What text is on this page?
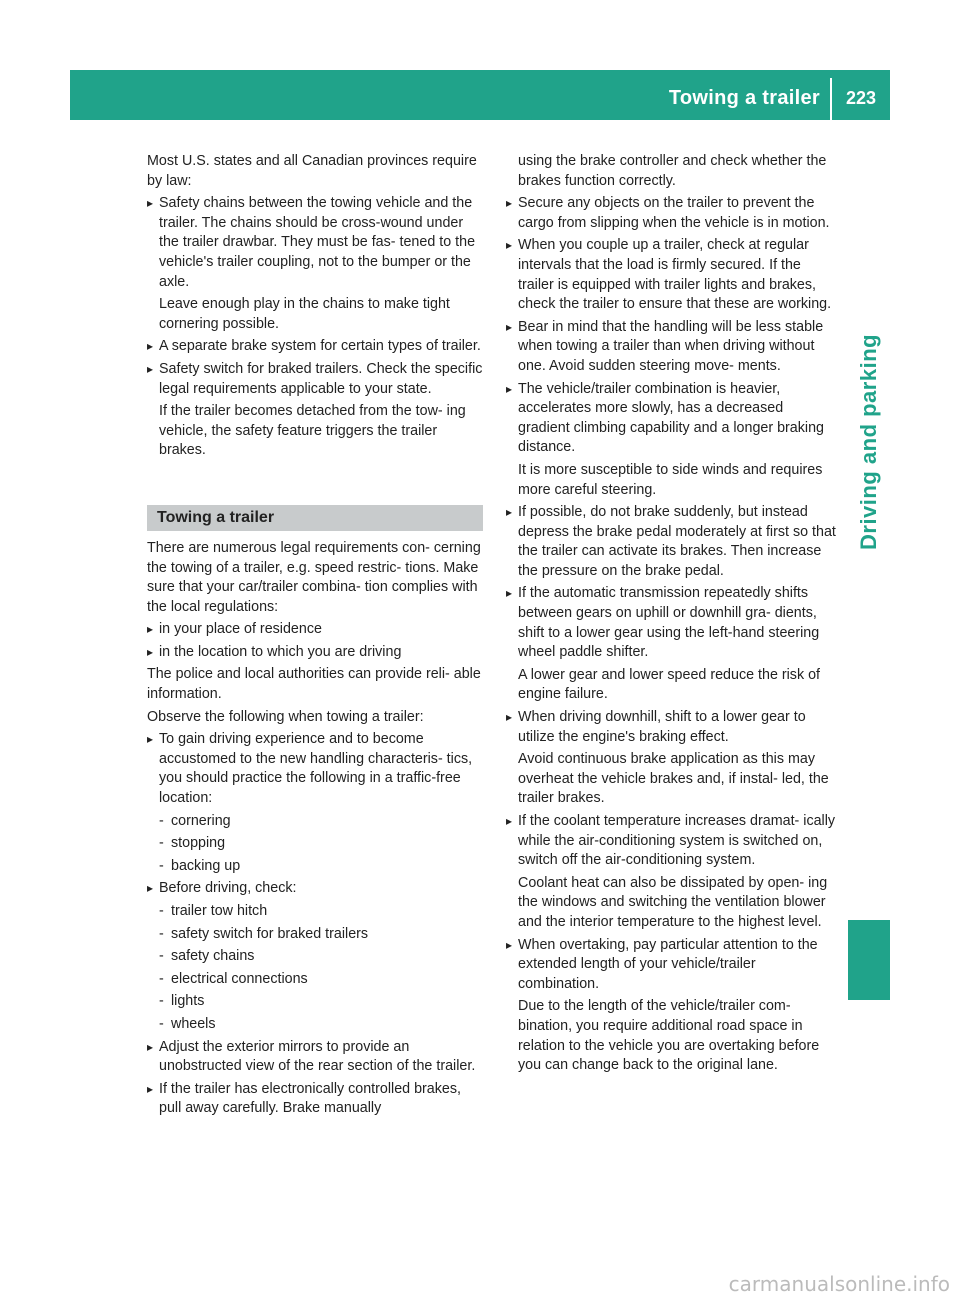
Towing a trailer	223
Driving and parking

Most U.S. states and all Canadian provinces require by law:

▸ Safety chains between the towing vehicle and the trailer. The chains should be cross-wound under the trailer drawbar. They must be fas- tened to the vehicle's trailer coupling, not to the bumper or the axle.
Leave enough play in the chains to make tight cornering possible.
▸ A separate brake system for certain types of trailer.
▸ Safety switch for braked trailers. Check the specific legal requirements applicable to your state.
If the trailer becomes detached from the tow- ing vehicle, the safety feature triggers the trailer brakes.
Towing a trailer

There are numerous legal requirements con- cerning the towing of a trailer, e.g. speed restric- tions. Make sure that your car/trailer combina- tion complies with the local regulations:

▸ in your place of residence
▸ in the location to which you are driving

The police and local authorities can provide reli- able information.

Observe the following when towing a trailer:

▸ To gain driving experience and to become accustomed to the new handling characteris- tics, you should practice the following in a traffic-free location:
- cornering
- stopping
- backing up
▸ Before driving, check:
- trailer tow hitch
- safety switch for braked trailers
- safety chains
- electrical connections
- lights
- wheels
▸ Adjust the exterior mirrors to provide an unobstructed view of the rear section of the trailer.
▸ If the trailer has electronically controlled brakes, pull away carefully. Brake manually
using the brake controller and check whether the brakes function correctly.
▸ Secure any objects on the trailer to prevent the cargo from slipping when the vehicle is in motion.
▸ When you couple up a trailer, check at regular intervals that the load is firmly secured. If the trailer is equipped with trailer lights and brakes, check the trailer to ensure that these are working.
▸ Bear in mind that the handling will be less stable when towing a trailer than when driving without one. Avoid sudden steering move- ments.
▸ The vehicle/trailer combination is heavier, accelerates more slowly, has a decreased gradient climbing capability and a longer braking distance.
It is more susceptible to side winds and requires more careful steering.
▸ If possible, do not brake suddenly, but instead depress the brake pedal moderately at first so that the trailer can activate its brakes. Then increase the pressure on the brake pedal.
▸ If the automatic transmission repeatedly shifts between gears on uphill or downhill gra- dients, shift to a lower gear using the left-hand steering wheel paddle shifter.
A lower gear and lower speed reduce the risk of engine failure.
▸ When driving downhill, shift to a lower gear to utilize the engine's braking effect.
Avoid continuous brake application as this may overheat the vehicle brakes and, if instal- led, the trailer brakes.
▸ If the coolant temperature increases dramat- ically while the air-conditioning system is switched on, switch off the air-conditioning system.
Coolant heat can also be dissipated by open- ing the windows and switching the ventilation blower and the interior temperature to the highest level.
▸ When overtaking, pay particular attention to the extended length of your vehicle/trailer combination.
Due to the length of the vehicle/trailer com- bination, you require additional road space in relation to the vehicle you are overtaking before you can change back to the original lane.
carmanualsonline.info
